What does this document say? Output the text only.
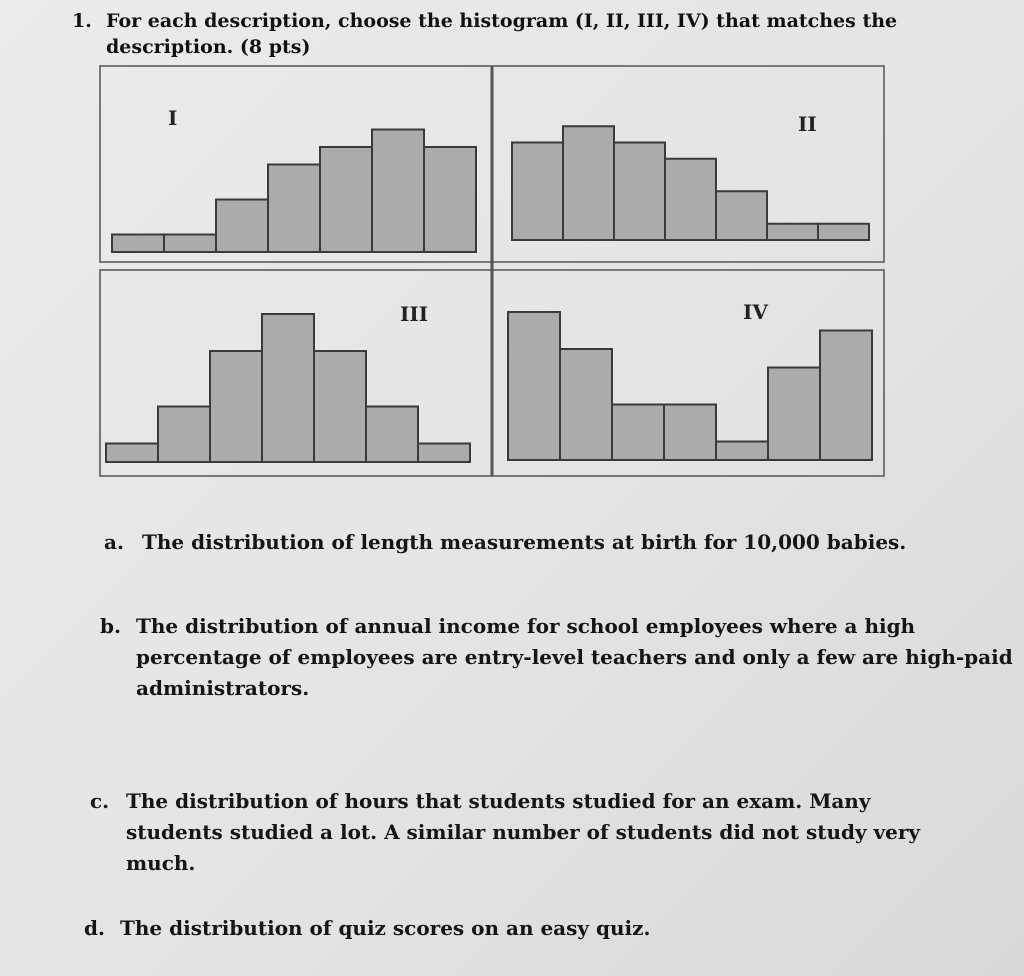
1. For each description, choose the histogram (I, II, III, IV) that matches the description. (8 pts)
I	II
III	IV
a. The distribution of length measurements at birth for 10,000 babies.
b. The distribution of annual income for school employees where a high percentage of employees are entry-level teachers and only a few are high-paid administrators.
c. The distribution of hours that students studied for an exam. Many students studied a lot. A similar number of students did not study very much.
d. The distribution of quiz scores on an easy quiz.
